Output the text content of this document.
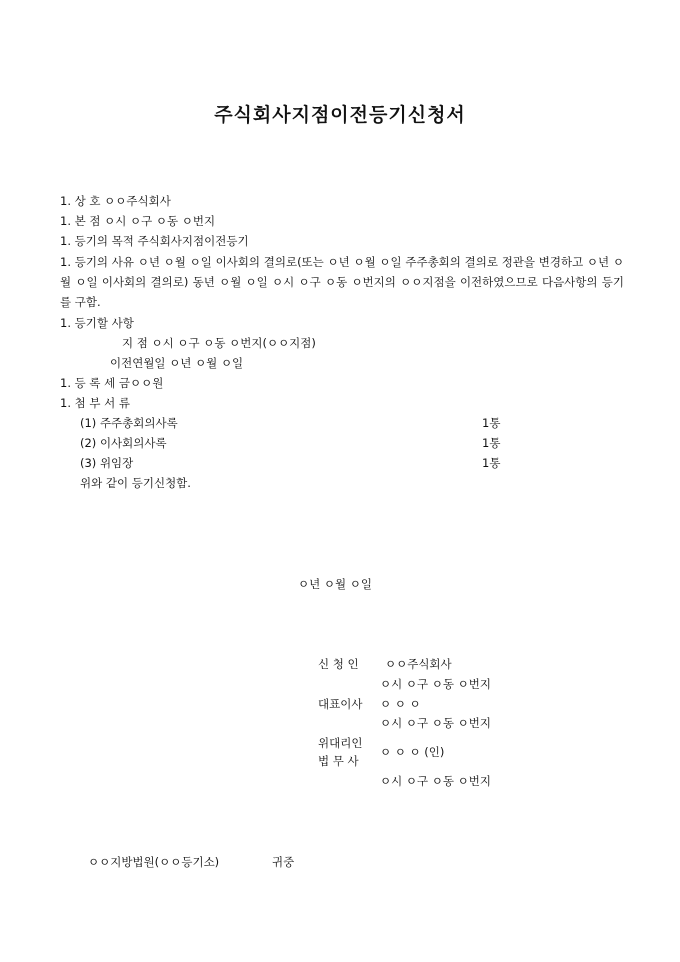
주식회사지점이전등기신청서
1. 상 호 ㅇㅇ주식회사
1. 본 점 ㅇ시 ㅇ구 ㅇ동 ㅇ번지
1. 등기의 목적 주식회사지점이전등기
1. 등기의 사유 ㅇ년 ㅇ월 ㅇ일 이사회의 결의로(또는 ㅇ년 ㅇ월 ㅇ일 주주총회의 결의로 정관을 변경하고 ㅇ년 ㅇ월 ㅇ일 이사회의 결의로) 동년 ㅇ월 ㅇ일 ㅇ시 ㅇ구 ㅇ동 ㅇ번지의 ㅇㅇ지점을 이전하였으므로 다음사항의 등기를 구함.
1. 등기할 사항
지 점 ㅇ시 ㅇ구 ㅇ동 ㅇ번지(ㅇㅇ지점)
이전연월일 ㅇ년 ㅇ월 ㅇ일
1. 등 록 세 금ㅇㅇ원
1. 첨 부 서 류
(1) 주주총회의사록	1통
(2) 이사회의사록	1통
(3) 위임장	1통
위와 같이 등기신청함.
ㅇ년 ㅇ월 ㅇ일
신 청 인 ㅇㅇ주식회사
ㅇ시 ㅇ구 ㅇ동 ㅇ번지
대표이사 ㅇ ㅇ ㅇ
ㅇ시 ㅇ구 ㅇ동 ㅇ번지
위대리인
법 무 사
ㅇ ㅇ ㅇ (인)
ㅇ시 ㅇ구 ㅇ동 ㅇ번지
ㅇㅇ지방법원(ㅇㅇ등기소)	귀중
